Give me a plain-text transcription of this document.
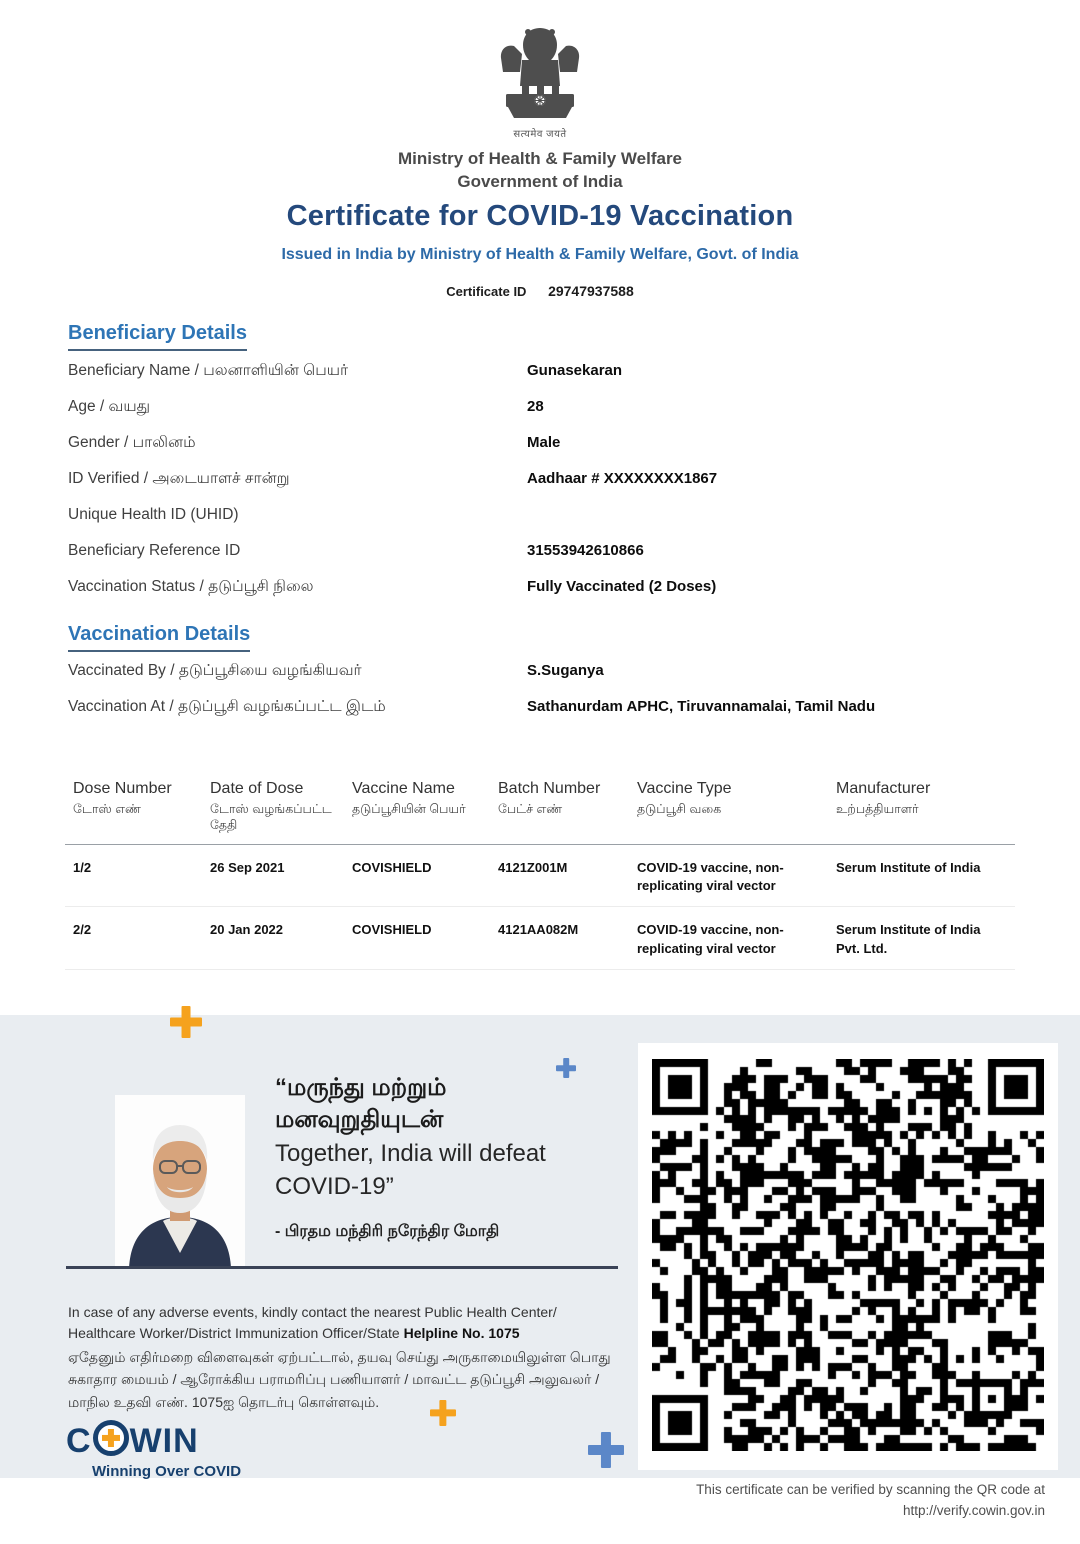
सत्यमेव जयते
Ministry of Health & Family Welfare
Government of India
Certificate for COVID-19 Vaccination
Issued in India by Ministry of Health & Family Welfare, Govt. of India
Certificate ID 29747937588
Beneficiary Details
Beneficiary Name / பலனாளியின் பெயர்	Gunasekaran
Age / வயது	28
Gender / பாலினம்	Male
ID Verified / அடையாளச் சான்று	Aadhaar # XXXXXXXX1867
Unique Health ID (UHID)
Beneficiary Reference ID	31553942610866
Vaccination Status / தடுப்பூசி நிலை	Fully Vaccinated (2 Doses)
Vaccination Details
Vaccinated By / தடுப்பூசியை வழங்கியவர்	S.Suganya
Vaccination At / தடுப்பூசி வழங்கப்பட்ட இடம்	Sathanurdam APHC, Tiruvannamalai, Tamil Nadu
Dose Number	Date of Dose	Vaccine Name	Batch Number	Vaccine Type	Manufacturer
டோஸ் எண்	டோஸ் வழங்கப்பட்ட தேதி	தடுப்பூசியின் பெயர்	பேட்ச் எண்	தடுப்பூசி வகை	உற்பத்தியாளர்
1/2	26 Sep 2021	COVISHIELD	4121Z001M	COVID-19 vaccine, non-replicating viral vector	Serum Institute of India
2/2	20 Jan 2022	COVISHIELD	4121AA082M	COVID-19 vaccine, non-replicating viral vector	Serum Institute of India Pvt. Ltd.
“மருந்து மற்றும்
மனவுறுதியுடன்
Together, India will defeat
COVID-19”
- பிரதம மந்திரி நரேந்திர மோதி

In case of any adverse events, kindly contact the nearest Public Health Center/ Healthcare Worker/District Immunization Officer/State Helpline No. 1075

ஏதேனும் எதிர்மறை விளைவுகள் ஏற்பட்டால், தயவு செய்து அருகாமையிலுள்ள பொது சுகாதார மையம் / ஆரோக்கிய பராமரிப்பு பணியாளர் / மாவட்ட தடுப்பூசி அலுவலர் / மாநில உதவி எண். 1075ஐ தொடர்பு கொள்ளவும்.

C WIN
Winning Over COVID
This certificate can be verified by scanning the QR code at
http://verify.cowin.gov.in
